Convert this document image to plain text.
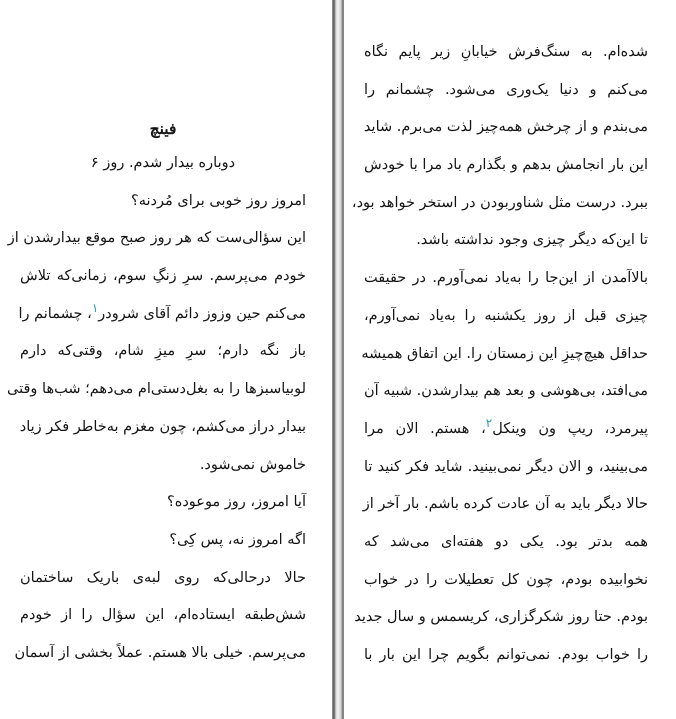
فینچ
دوباره بیدار شدم. روز ۶
امروز روز خوبی برای مُردنه؟
این سؤالی‌ست که هر روز صبح موقع بیدارشدن از
خودم می‌پرسم. سرِ زنگِ سوم، زمانی‌که تلاش
می‌کنم حین وزوز دائم آقای شرودر$^۱$، چشمانم را
باز نگه دارم؛ سرِ میزِ شام، وقتی‌که دارم
لوبیاسبزها را به بغل‌دستی‌ام می‌دهم؛ شب‌ها وقتی
بیدار دراز می‌کشم، چون مغزم به‌خاطر فکر زیاد
خاموش نمی‌شود.
آیا امروز، روز موعوده؟
اگه امروز نه، پس کِی؟
حالا درحالی‌که روی لبه‌ی باریک ساختمان
شش‌طبقه ایستاده‌ام، این سؤال را از خودم
می‌پرسم. خیلی بالا هستم. عملاً بخشی از آسمان
شده‌ام. به سنگ‌فرش خیابانِ زیر پایم نگاه
می‌کنم و دنیا یک‌وری می‌شود. چشمانم را
می‌بندم و از چرخش همه‌چیز لذت می‌برم. شاید
این بار انجامش بدهم و بگذارم باد مرا با خودش
ببرد. درست مثل شناوربودن در استخر خواهد بود،
تا این‌که دیگر چیزی وجود نداشته باشد.
بالاآمدن از این‌جا را به‌یاد نمی‌آورم. در حقیقت
چیزی قبل از روز یکشنبه را به‌یاد نمی‌آورم،
حداقل هیچ‌چیزِ این زمستان را. این اتفاق همیشه
می‌افتد، بی‌هوشی و بعد هم بیدارشدن. شبیه آن
پیرمرد، ریپ ون وینکل$^۲$، هستم. الان مرا
می‌بینید، و الان دیگر نمی‌بینید. شاید فکر کنید تا
حالا دیگر باید به آن عادت کرده باشم. بار آخر از
همه بدتر بود. یکی دو هفته‌ای می‌شد که
نخوابیده بودم، چون کل تعطیلات را در خواب
بودم. حتا روز شکرگزاری، کریسمس و سال جدید
را خواب بودم. نمی‌توانم بگویم چرا این بار با
